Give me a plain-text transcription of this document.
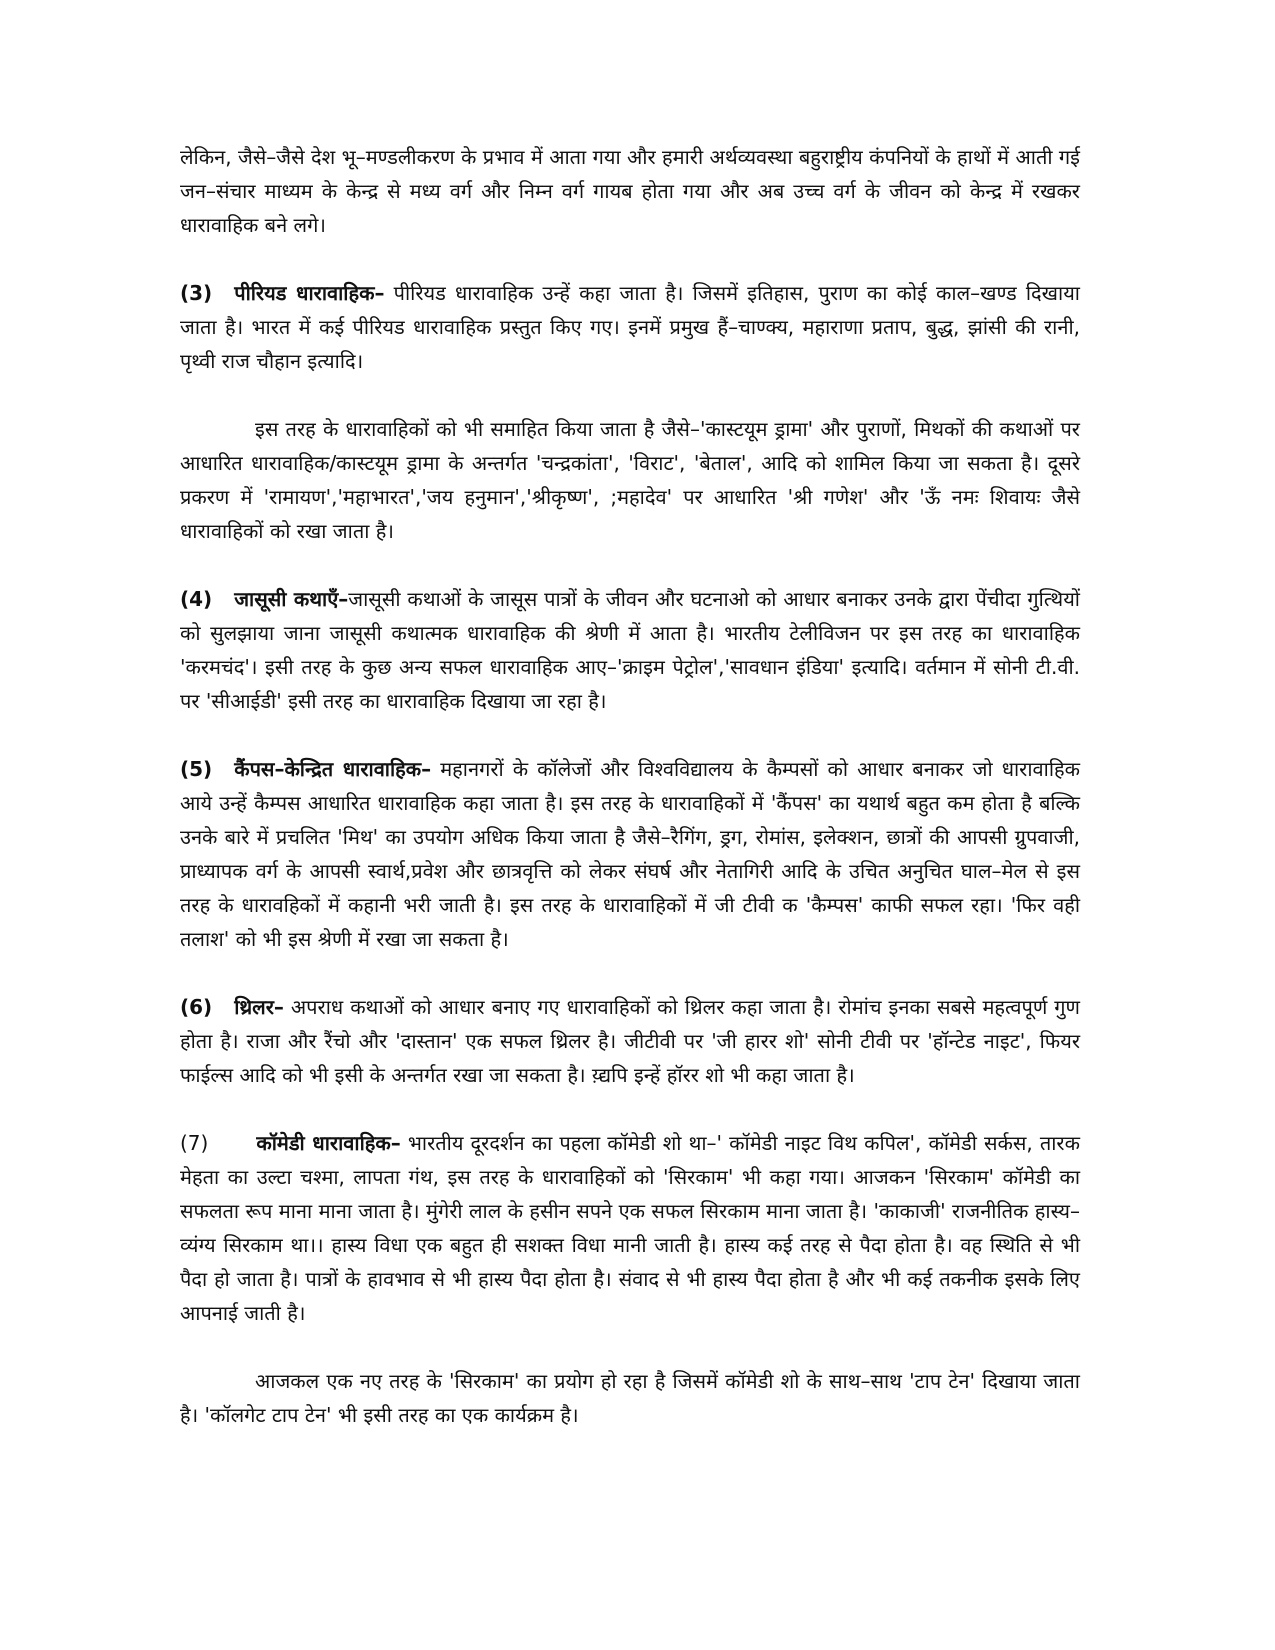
लेकिन, जैसे–जैसे देश भू–मण्डलीकरण के प्रभाव में आता गया और हमारी अर्थव्यवस्था बहुराष्ट्रीय कंपनियों के हाथों में आती गई जन–संचार माध्यम के केन्द्र से मध्य वर्ग और निम्न वर्ग गायब होता गया और अब उच्च वर्ग के जीवन को केन्द्र में रखकर धारावाहिक बने लगे।

(3) पीरियड धारावाहिक– पीरियड धारावाहिक उन्हें कहा जाता है। जिसमें इतिहास, पुराण का कोई काल–खण्ड दिखाया जाता है। भारत में कई पीरियड धारावाहिक प्रस्तुत किए गए। इनमें प्रमुख हैं–चाण्क्य, महाराणा प्रताप, बुद्ध, झांसी की रानी, पृथ्वी राज चौहान इत्यादि।

इस तरह के धारावाहिकों को भी समाहित किया जाता है जैसे–'कास्टयूम ड्रामा' और पुराणों, मिथकों की कथाओं पर आधारित धारावाहिक/कास्टयूम ड्रामा के अन्तर्गत 'चन्द्रकांता', 'विराट', 'बेताल', आदि को शामिल किया जा सकता है। दूसरे प्रकरण में 'रामायण','महाभारत','जय हनुमान','श्रीकृष्ण', ;महादेव' पर आधारित 'श्री गणेश' और 'ऊँ नमः शिवायः जैसे धारावाहिकों को रखा जाता है।

(4) जासूसी कथाएँ–जासूसी कथाओं के जासूस पात्रों के जीवन और घटनाओ को आधार बनाकर उनके द्वारा पेंचीदा गुत्थियों को सुलझाया जाना जासूसी कथात्मक धारावाहिक की श्रेणी में आता है। भारतीय टेलीविजन पर इस तरह का धारावाहिक 'करमचंद'। इसी तरह के कुछ अन्य सफल धारावाहिक आए–'क्राइम पेट्रोल','सावधान इंडिया' इत्यादि। वर्तमान में सोनी टी.वी. पर 'सीआईडी' इसी तरह का धारावाहिक दिखाया जा रहा है।

(5) कैंपस–केन्द्रित धारावाहिक– महानगरों के कॉलेजों और विश्वविद्यालय के कैम्पसों को आधार बनाकर जो धारावाहिक आये उन्हें कैम्पस आधारित धारावाहिक कहा जाता है। इस तरह के धारावाहिकों में 'कैंपस' का यथार्थ बहुत कम होता है बल्कि उनके बारे में प्रचलित 'मिथ' का उपयोग अधिक किया जाता है जैसे–रैगिंग, ड्रग, रोमांस, इलेक्शन, छात्रों की आपसी ग्रुपवाजी, प्राध्यापक वर्ग के आपसी स्वार्थ,प्रवेश और छात्रवृत्ति को लेकर संघर्ष और नेतागिरी आदि के उचित अनुचित घाल–मेल से इस तरह के धारावहिकों में कहानी भरी जाती है। इस तरह के धारावाहिकों में जी टीवी क 'कैम्पस' काफी सफल रहा। 'फिर वही तलाश' को भी इस श्रेणी में रखा जा सकता है।

(6) थ्रिलर– अपराध कथाओं को आधार बनाए गए धारावाहिकों को थ्रिलर कहा जाता है। रोमांच इनका सबसे महत्वपूर्ण गुण होता है। राजा और रैंचो और 'दास्तान' एक सफल थ्रिलर है। जीटीवी पर 'जी हारर शो' सोनी टीवी पर 'हॉन्टेड नाइट', फियर फाईल्स आदि को भी इसी के अन्तर्गत रखा जा सकता है। य़्द्यपि इन्हें हॉरर शो भी कहा जाता है।

(7) कॉमेडी धारावाहिक– भारतीय दूरदर्शन का पहला कॉमेडी शो था–' कॉमेडी नाइट विथ कपिल', कॉमेडी सर्कस, तारक मेहता का उल्टा चश्मा, लापता गंथ, इस तरह के धारावाहिकों को 'सिरकाम' भी कहा गया। आजकन 'सिरकाम' कॉमेडी का सफलता रूप माना माना जाता है। मुंगेरी लाल के हसीन सपने एक सफल सिरकाम माना जाता है। 'काकाजी' राजनीतिक हास्य–व्यंग्य सिरकाम था।। हास्य विधा एक बहुत ही सशक्त विधा मानी जाती है। हास्य कई तरह से पैदा होता है। वह स्थिति से भी पैदा हो जाता है। पात्रों के हावभाव से भी हास्य पैदा होता है। संवाद से भी हास्य पैदा होता है और भी कई तकनीक इसके लिए आपनाई जाती है।

आजकल एक नए तरह के 'सिरकाम' का प्रयोग हो रहा है जिसमें कॉमेडी शो के साथ–साथ 'टाप टेन' दिखाया जाता है। 'कॉलगेट टाप टेन' भी इसी तरह का एक कार्यक्रम है।
